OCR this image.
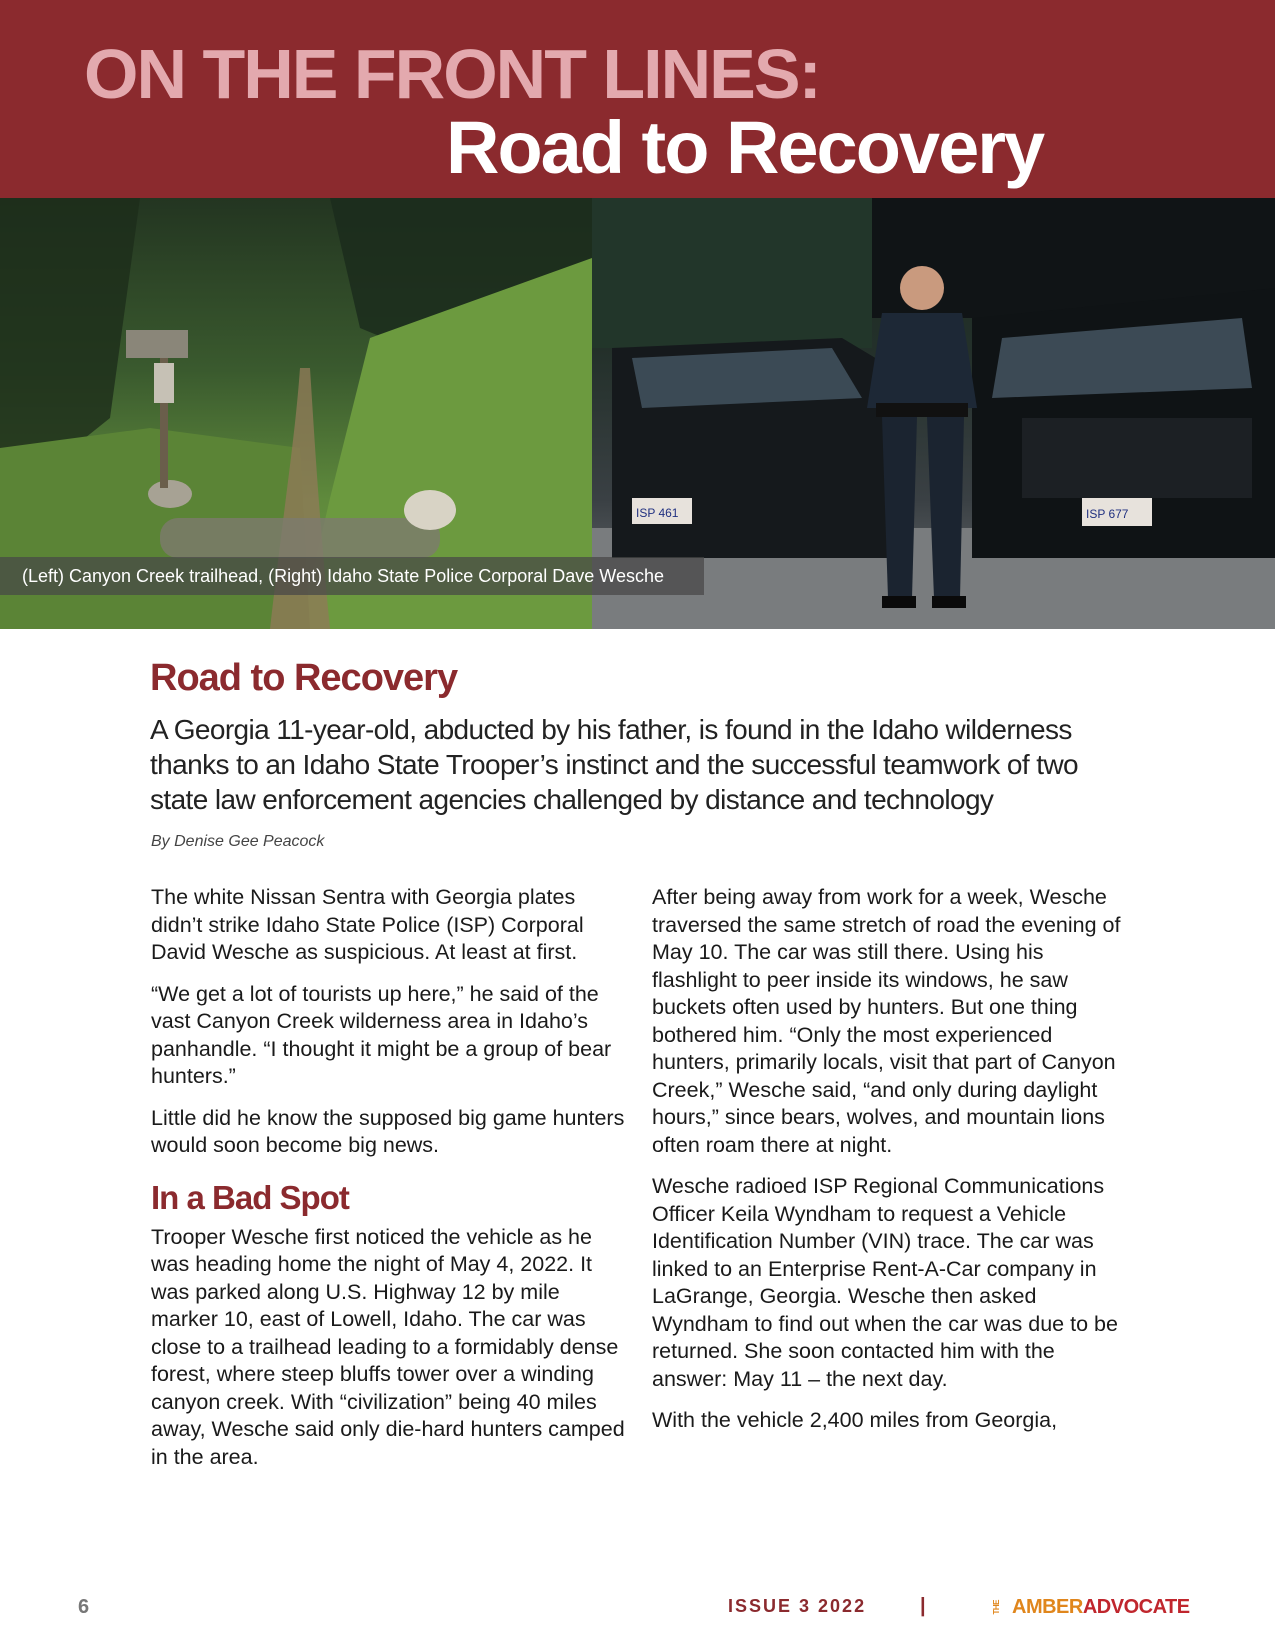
ON THE FRONT LINES:
Road to Recovery
ISP 461	ISP 677
(Left) Canyon Creek trailhead, (Right) Idaho State Police Corporal Dave Wesche
Road to Recovery
A Georgia 11-year-old, abducted by his father, is found in the Idaho wilderness thanks to an Idaho State Trooper’s instinct and the successful teamwork of two state law enforcement agencies challenged by distance and technology
By Denise Gee Peacock

The white Nissan Sentra with Georgia plates didn’t strike Idaho State Police (ISP) Corporal David Wesche as suspicious. At least at first.

“We get a lot of tourists up here,” he said of the vast Canyon Creek wilderness area in Idaho’s panhandle. “I thought it might be a group of bear hunters.”

Little did he know the supposed big game hunters would soon become big news.

In a Bad Spot

Trooper Wesche first noticed the vehicle as he was heading home the night of May 4, 2022. It was parked along U.S. Highway 12 by mile marker 10, east of Lowell, Idaho. The car was close to a trailhead leading to a formidably dense forest, where steep bluffs tower over a winding canyon creek. With “civilization” being 40 miles away, Wesche said only die-hard hunters camped in the area.

After being away from work for a week, Wesche traversed the same stretch of road the evening of May 10. The car was still there. Using his flashlight to peer inside its windows, he saw buckets often used by hunters. But one thing bothered him. “Only the most experienced hunters, primarily locals, visit that part of Canyon Creek,” Wesche said, “and only during daylight hours,” since bears, wolves, and mountain lions often roam there at night.

Wesche radioed ISP Regional Communications Officer Keila Wyndham to request a Vehicle Identification Number (VIN) trace. The car was linked to an Enterprise Rent-A-Car company in LaGrange, Georgia. Wesche then asked Wyndham to find out when the car was due to be returned. She soon contacted him with the answer: May 11 – the next day.

With the vehicle 2,400 miles from Georgia,

6	ISSUE 3 2022	|	THE AMBERADVOCATE
